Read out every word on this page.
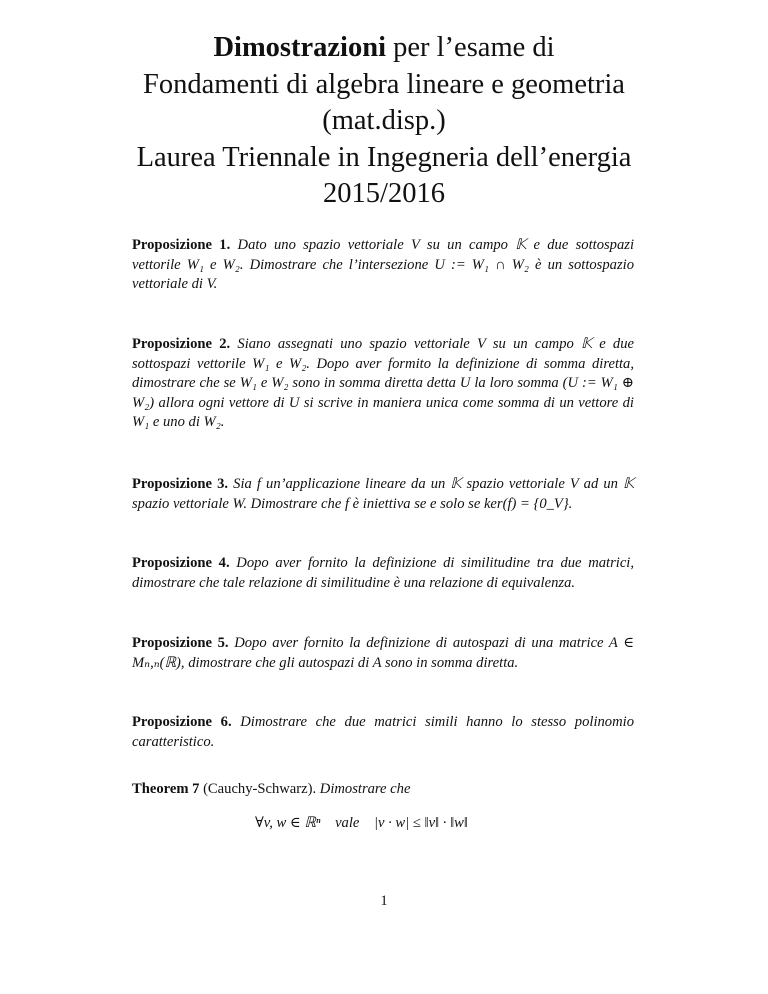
Dimostrazioni per l’esame di
Fondamenti di algebra lineare e geometria
(mat.disp.)
Laurea Triennale in Ingegneria dell’energia
2015/2016
Proposizione 1. Dato uno spazio vettoriale V su un campo 𝕂 e due sottospazi vettorile W₁ e W₂. Dimostrare che l’intersezione U := W₁ ∩ W₂ è un sottospazio vettoriale di V.
Proposizione 2. Siano assegnati uno spazio vettoriale V su un campo 𝕂 e due sottospazi vettorile W₁ e W₂. Dopo aver formito la definizione di somma diretta, dimostrare che se W₁ e W₂ sono in somma diretta detta U la loro somma (U := W₁ ⊕ W₂) allora ogni vettore di U si scrive in maniera unica come somma di un vettore di W₁ e uno di W₂.
Proposizione 3. Sia f un’applicazione lineare da un 𝕂 spazio vettoriale V ad un 𝕂 spazio vettoriale W. Dimostrare che f è iniettiva se e solo se ker(f) = {0_V}.
Proposizione 4. Dopo aver fornito la definizione di similitudine tra due matrici, dimostrare che tale relazione di similitudine è una relazione di equivalenza.
Proposizione 5. Dopo aver fornito la definizione di autospazi di una matrice A ∈ Mₙ,ₙ(ℝ), dimostrare che gli autospazi di A sono in somma diretta.
Proposizione 6. Dimostrare che due matrici simili hanno lo stesso polinomio caratteristico.
Theorem 7 (Cauchy-Schwarz). Dimostrare che
∀v, w ∈ ℝⁿ    vale    |v · w| ≤ ‖v‖ · ‖w‖
1
